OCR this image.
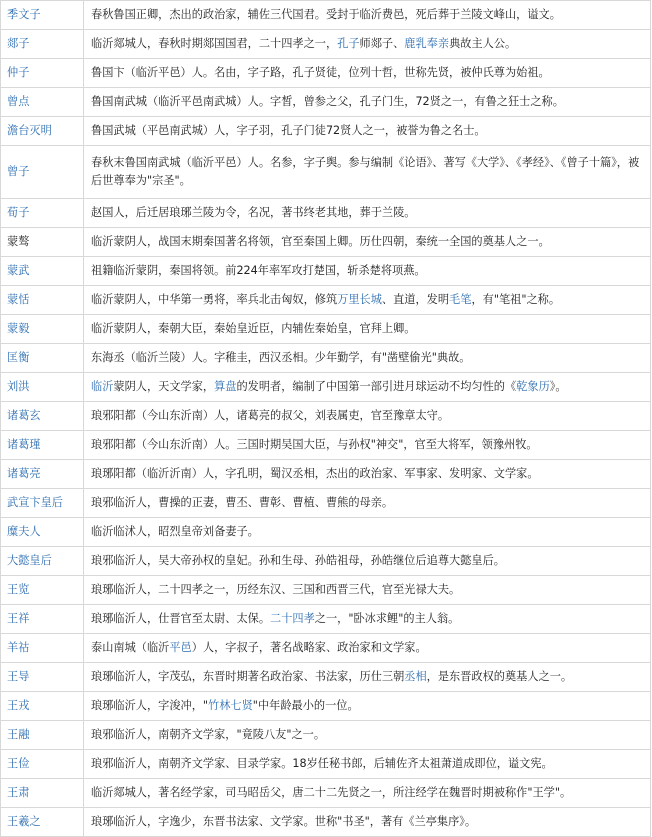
季文子	春秋鲁国正卿，杰出的政治家，辅佐三代国君。受封于临沂费邑，死后葬于兰陵文峰山，谥文。
郯子	临沂郯城人，春秋时期郯国国君，二十四孝之一，孔子师郯子、鹿乳奉亲典故主人公。
仲子	鲁国卞（临沂平邑）人。名由，字子路，孔子贤徒，位列十哲，世称先贤，被仲氏尊为始祖。
曾点	鲁国南武城（临沂平邑南武城）人。字皙，曾参之父，孔子门生，72贤之一，有鲁之狂士之称。
澹台灭明	鲁国武城（平邑南武城）人，字子羽，孔子门徒72贤人之一，被誉为鲁之名士。
曾子	春秋末鲁国南武城（临沂平邑）人。名参，字子舆。参与编制《论语》、著写《大学》、《孝经》、《曾子十篇》，被后世尊奉为"宗圣"。
荀子	赵国人，后迁居琅琊兰陵为令，名况，著书终老其地，葬于兰陵。
蒙骜	临沂蒙阴人，战国末期秦国著名将领，官至秦国上卿。历仕四朝，秦统一全国的奠基人之一。
蒙武	祖籍临沂蒙阴，秦国将领。前224年率军攻打楚国，斩杀楚将项燕。
蒙恬	临沂蒙阴人，中华第一勇将，率兵北击匈奴，修筑万里长城、直道，发明毛笔，有"笔祖"之称。
蒙毅	临沂蒙阴人，秦朝大臣，秦始皇近臣，内辅佐秦始皇，官拜上卿。
匡衡	东海丞（临沂兰陵）人。字稚圭，西汉丞相。少年勤学，有"凿壁偷光"典故。
刘洪	临沂蒙阴人，天文学家，算盘的发明者，编制了中国第一部引进月球运动不均匀性的《乾象历》。
诸葛玄	琅邪阳都（今山东沂南）人，诸葛亮的叔父，刘表属吏，官至豫章太守。
诸葛瑾	琅邪阳都（今山东沂南）人。三国时期吴国大臣，与孙权"神交"，官至大将军，领豫州牧。
诸葛亮	琅琊阳都（临沂沂南）人，字孔明，蜀汉丞相，杰出的政治家、军事家、发明家、文学家。
武宣卞皇后	琅邪临沂人，曹操的正妻，曹丕、曹彰、曹植、曹熊的母亲。
糜夫人	临沂临沭人，昭烈皇帝刘备妻子。
大懿皇后	琅邪临沂人，吴大帝孙权的皇妃。孙和生母、孙皓祖母，孙皓继位后追尊大懿皇后。
王览	琅琊临沂人，二十四孝之一，历经东汉、三国和西晋三代，官至光禄大夫。
王祥	琅琊临沂人，仕晋官至太尉、太保。二十四孝之一，"卧冰求鲤"的主人翁。
羊祜	泰山南城（临沂平邑）人，字叔子，著名战略家、政治家和文学家。
王导	琅琊临沂人，字茂弘，东晋时期著名政治家、书法家，历仕三朝丞相，是东晋政权的奠基人之一。
王戎	琅琊临沂人，字浚冲，"竹林七贤"中年龄最小的一位。
王融	琅邪临沂人，南朝齐文学家，"竟陵八友"之一。
王俭	琅邪临沂人，南朝齐文学家、目录学家。18岁任秘书郎，后辅佐齐太祖萧道成即位，谥文宪。
王肃	临沂郯城人，著名经学家，司马昭岳父，唐二十二先贤之一，所注经学在魏晋时期被称作"王学"。
王羲之	琅琊临沂人，字逸少，东晋书法家、文学家。世称"书圣"，著有《兰亭集序》。
